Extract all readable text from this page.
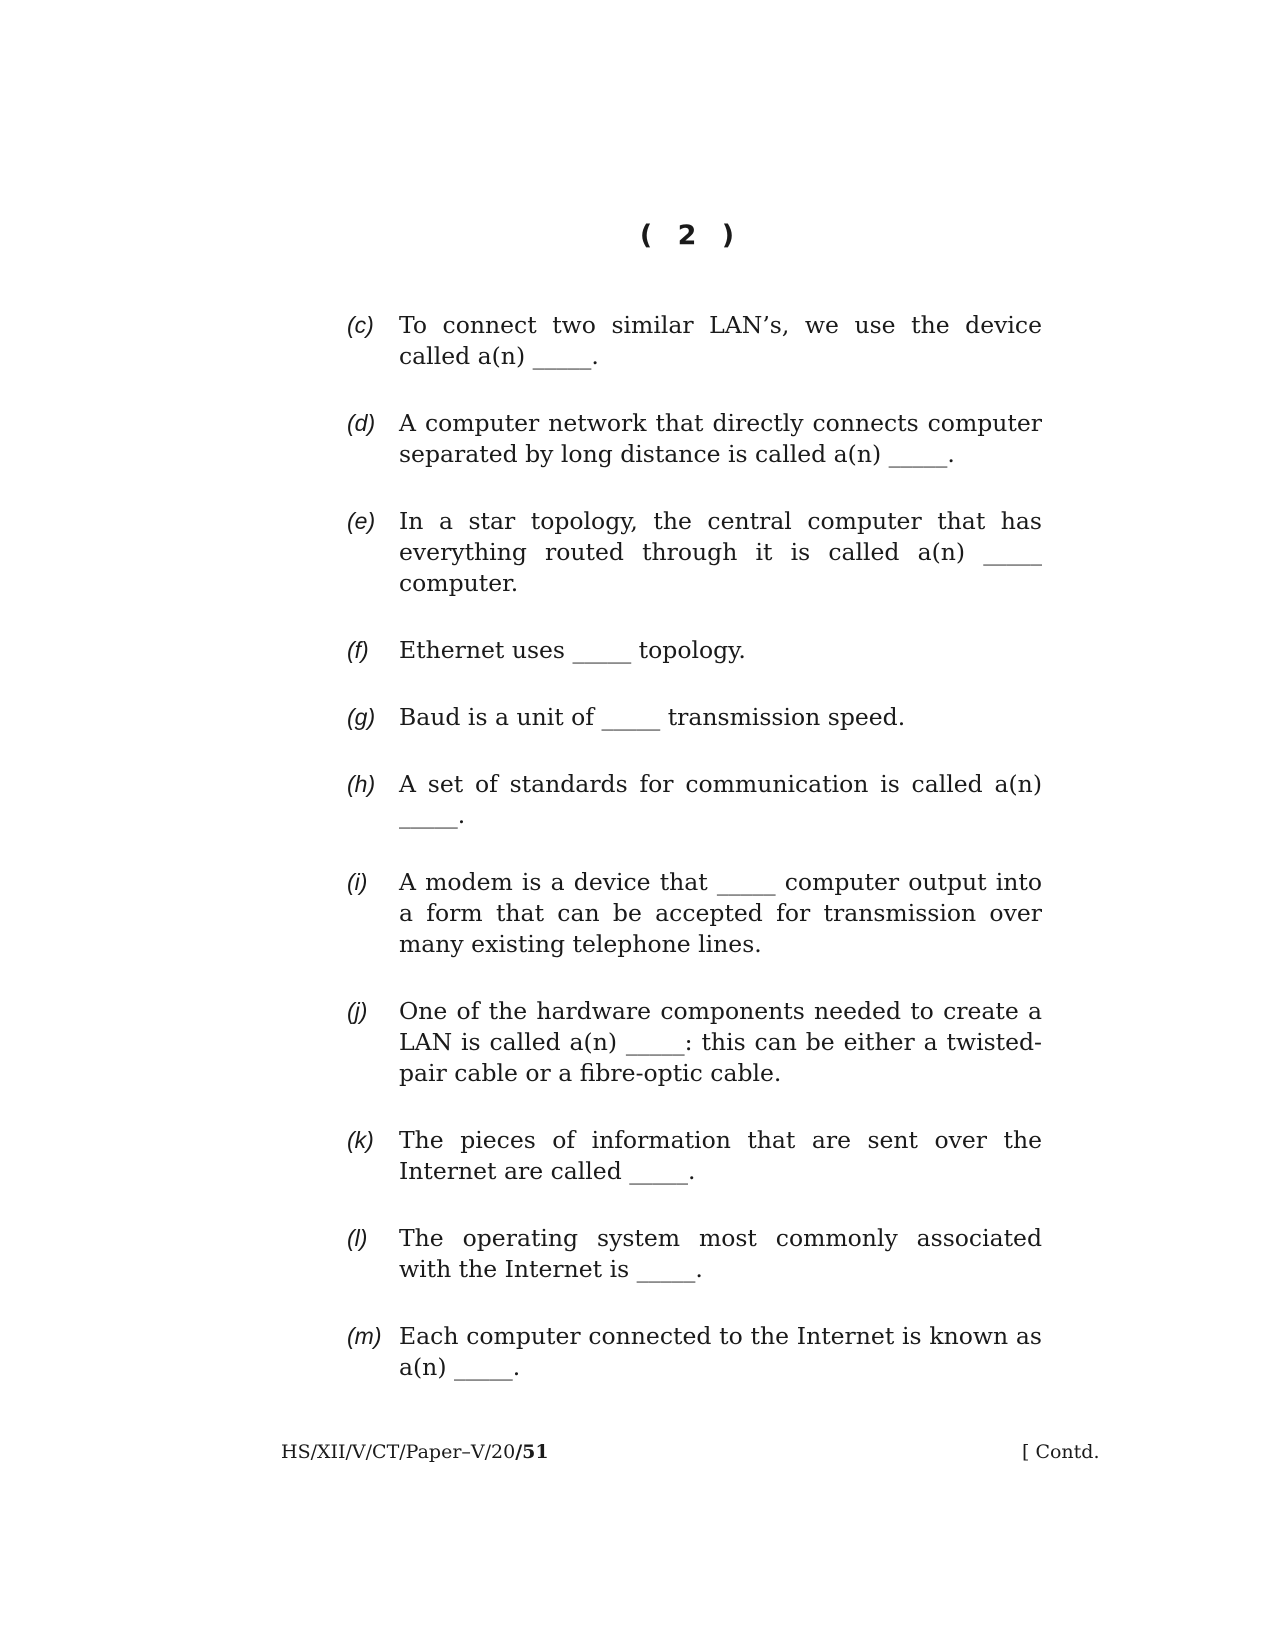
( 2 )
(c) To connect two similar LAN’s, we use the device called a(n) _____.
(d) A computer network that directly connects computer separated by long distance is called a(n) _____.
(e) In a star topology, the central computer that has everything routed through it is called a(n) _____ computer.
(f) Ethernet uses _____ topology.
(g) Baud is a unit of _____ transmission speed.
(h) A set of standards for communication is called a(n) _____.
(i) A modem is a device that _____ computer output into a form that can be accepted for transmission over many existing telephone lines.
(j) One of the hardware components needed to create a LAN is called a(n) _____: this can be either a twisted-pair cable or a fibre-optic cable.
(k) The pieces of information that are sent over the Internet are called _____.
(l) The operating system most commonly associated with the Internet is _____.
(m) Each computer connected to the Internet is known as a(n) _____.
HS/XII/V/CT/Paper–V/20/51	[ Contd.
